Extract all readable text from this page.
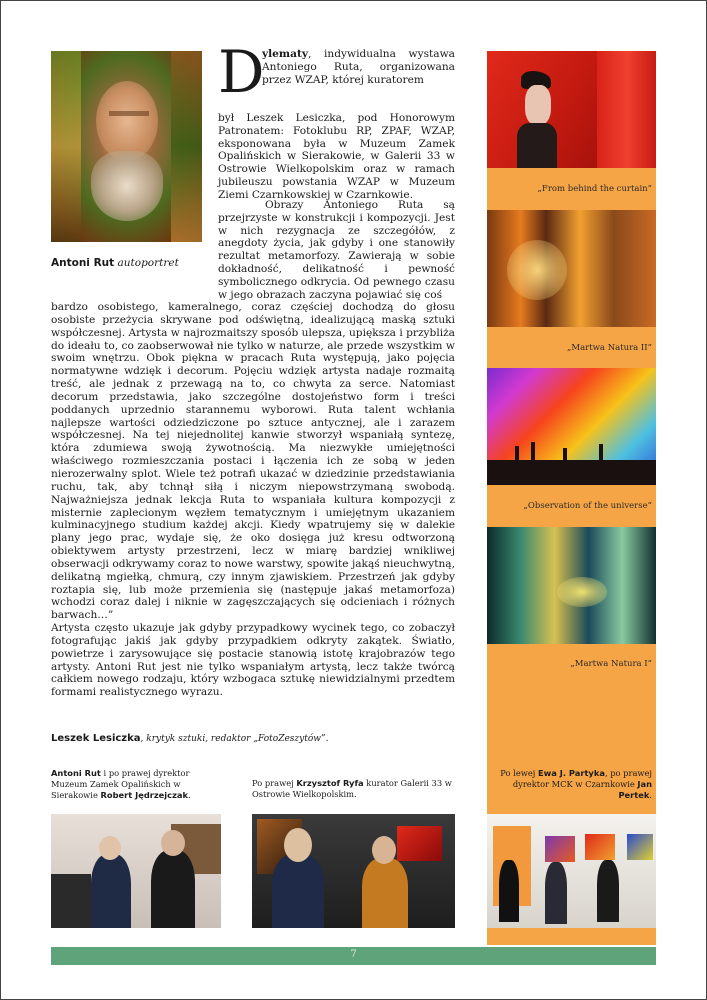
Antoni Rut autoportret
D
ylematy, indywidualna wystawa Antoniego Ruta, organizowana przez WZAP, której kuratorem
był Leszek Lesiczka, pod Honorowym Patronatem: Fotoklubu RP, ZPAF, WZAP, eksponowana była w Muzeum Zamek Opalińskich w Sierakowie, w Galerii 33 w Ostrowie Wielkopolskim oraz w ramach jubileuszu powstania WZAP w Muzeum Ziemi Czarnkowskiej w Czarnkowie.
Obrazy Antoniego Ruta są przejrzyste w konstrukcji i kompozycji. Jest w nich rezygnacja ze szczegółów, z anegdoty życia, jak gdyby i one stanowiły rezultat metamorfozy. Zawierają w sobie dokładność, delikatność i pewność symbolicznego odkrycia. Od pewnego czasu w jego obrazach zaczyna pojawiać się coś

bardzo osobistego, kameralnego, coraz częściej dochodzą do głosu osobiste przeżycia skrywane pod odświętną, idealizującą maską sztuki współczesnej. Artysta w najrozmaitszy sposób ulepsza, upiększa i przybliża do ideału to, co zaobserwował nie tylko w naturze, ale przede wszystkim w swoim wnętrzu. Obok piękna w pracach Ruta występują, jako pojęcia normatywne wdzięk i decorum. Pojęciu wdzięk artysta nadaje rozmaitą treść, ale jednak z przewagą na to, co chwyta za serce. Natomiast decorum przedstawia, jako szczególne dostojeństwo form i treści poddanych uprzednio starannemu wyborowi. Ruta talent wchłania najlepsze wartości odziedziczone po sztuce antycznej, ale i zarazem współczesnej. Na tej niejednolitej kanwie stworzył wspaniałą syntezę, która zdumiewa swoją żywotnością. Ma niezwykłe umiejętności właściwego rozmieszczania postaci i łączenia ich ze sobą w jeden nierozerwalny splot. Wiele też potrafi ukazać w dziedzinie przedstawiania ruchu, tak, aby tchnął siłą i niczym niepowstrzymaną swobodą. Najważniejsza jednak lekcja Ruta to wspaniała kultura kompozycji z misternie zaplecionym węzłem tematycznym i umiejętnym ukazaniem kulminacyjnego studium każdej akcji. Kiedy wpatrujemy się w dalekie plany jego prac, wydaje się, że oko dosięga już kresu odtworzoną obiektywem artysty przestrzeni, lecz w miarę bardziej wnikliwej obserwacji odkrywamy coraz to nowe warstwy, spowite jakąś nieuchwytną, delikatną mgiełką, chmurą, czy innym zjawiskiem. Przestrzeń jak gdyby roztapia się, lub może przemienia się (następuje jakaś metamorfoza) wchodzi coraz dalej i niknie w zagęszczających się odcieniach i różnych barwach…”

Artysta często ukazuje jak gdyby przypadkowy wycinek tego, co zobaczył fotografując jakiś jak gdyby przypadkiem odkryty zakątek. Światło, powietrze i zarysowujące się postacie stanowią istotę krajobrazów tego artysty. Antoni Rut jest nie tylko wspaniałym artystą, lecz także twórcą całkiem nowego rodzaju, który wzbogaca sztukę niewidzialnymi przedtem formami realistycznego wyrazu.

Leszek Lesiczka, krytyk sztuki, redaktor „FotoZeszytów”.
„From behind the curtain”
„Martwa Natura II”
„Observation of the universe”
„Martwa Natura I”
Antoni Rut i po prawej dyrektor Muzeum Zamek Opalińskich w Sierakowie Robert Jędrzejczak.
Po prawej Krzysztof Ryfa kurator Galerii 33 w Ostrowie Wielkopolskim.
Po lewej Ewa J. Partyka, po prawej dyrektor MCK w Czarnkowie Jan Pertek.
7
